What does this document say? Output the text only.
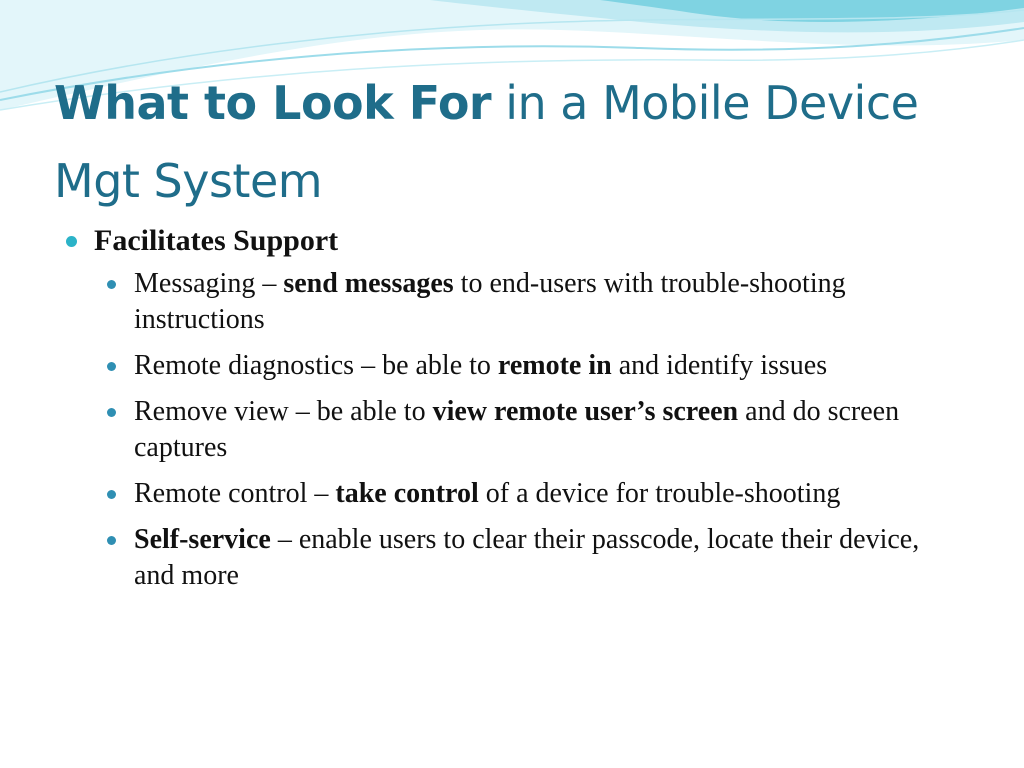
What to Look For in a Mobile Device Mgt System
Facilitates Support
Messaging – send messages to end-users with trouble-shooting instructions
Remote diagnostics – be able to remote in and identify issues
Remove view – be able to view remote user’s screen and do screen captures
Remote control – take control of a device for trouble-shooting
Self-service – enable users to clear their passcode, locate their device, and more
